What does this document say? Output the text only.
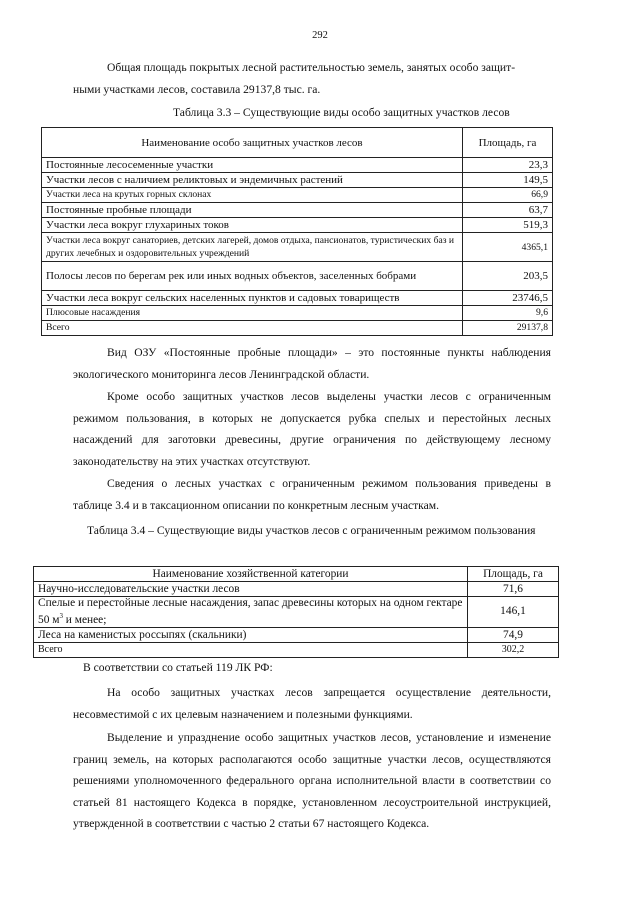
292

Общая площадь покрытых лесной растительностью земель, занятых особо защит-
ными участками лесов, составила 29137,8 тыс. га.

Таблица 3.3 – Существующие виды особо защитных участков лесов

Наименование особо защитных участков лесов	Площадь, га
Постоянные лесосеменные участки	23,3
Участки лесов с наличием реликтовых и эндемичных растений	149,5
Участки леса на крутых горных склонах	66,9
Постоянные пробные площади	63,7
Участки леса вокруг глухариных токов	519,3
Участки леса вокруг санаториев, детских лагерей, домов отдыха, пансионатов, туристических баз и других лечебных и оздоровительных учреждений	4365,1
Полосы лесов по берегам рек или иных водных объектов, заселенных бобрами	203,5
Участки леса вокруг сельских населенных пунктов и садовых товариществ	23746,5
Плюсовые насаждения	9,6
Всего	29137,8

Вид ОЗУ «Постоянные пробные площади» – это постоянные пункты наблюдения экологического мониторинга лесов Ленинградской области.

Кроме особо защитных участков лесов выделены участки лесов с ограниченным режимом пользования, в которых не допускается рубка спелых и перестойных лесных насаждений для заготовки древесины, другие ограничения по действующему лесному законодательству на этих участках отсутствуют.

Сведения о лесных участках с ограниченным режимом пользования приведены в таблице 3.4 и в таксационном описании по конкретным лесным участкам.

Таблица 3.4 – Существующие виды участков лесов с ограниченным режимом пользования

Наименование хозяйственной категории	Площадь, га
Научно-исследовательские участки лесов	71,6
Спелые и перестойные лесные насаждения, запас древесины которых на одном гектаре 50 $м^3$ и менее;	146,1
Леса на каменистых россыпях (скальники)	74,9
Всего	302,2

В соответствии со статьей 119 ЛК РФ:

На особо защитных участках лесов запрещается осуществление деятельности, несовместимой с их целевым назначением и полезными функциями.

Выделение и упразднение особо защитных участков лесов, установление и изменение границ земель, на которых располагаются особо защитные участки лесов, осуществляются решениями уполномоченного федерального органа исполнительной власти в соответствии со статьей 81 настоящего Кодекса в порядке, установленном лесоустроительной инструкцией, утвержденной в соответствии с частью 2 статьи 67 настоящего Кодекса.
